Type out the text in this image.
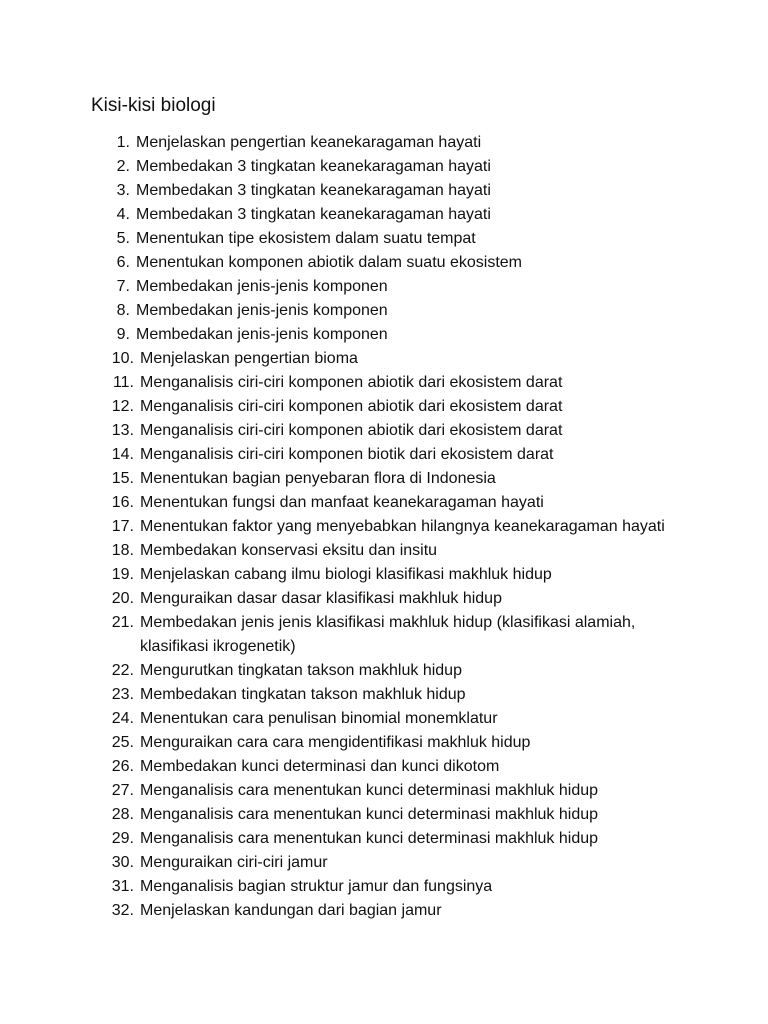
Kisi-kisi biologi
1. Menjelaskan pengertian keanekaragaman hayati
2. Membedakan 3 tingkatan keanekaragaman hayati
3. Membedakan 3 tingkatan keanekaragaman hayati
4. Membedakan 3 tingkatan keanekaragaman hayati
5. Menentukan tipe ekosistem dalam suatu tempat
6. Menentukan komponen abiotik dalam suatu ekosistem
7. Membedakan jenis-jenis komponen
8. Membedakan jenis-jenis komponen
9. Membedakan jenis-jenis komponen
10. Menjelaskan pengertian bioma
11. Menganalisis ciri-ciri komponen abiotik dari ekosistem darat
12. Menganalisis ciri-ciri komponen abiotik dari ekosistem darat
13. Menganalisis ciri-ciri komponen abiotik dari ekosistem darat
14. Menganalisis ciri-ciri komponen biotik dari ekosistem darat
15. Menentukan bagian penyebaran flora di Indonesia
16. Menentukan fungsi dan manfaat keanekaragaman hayati
17. Menentukan faktor yang menyebabkan hilangnya keanekaragaman hayati
18. Membedakan konservasi eksitu dan insitu
19. Menjelaskan cabang ilmu biologi klasifikasi makhluk hidup
20. Menguraikan dasar dasar klasifikasi makhluk hidup
21. Membedakan jenis jenis klasifikasi makhluk hidup (klasifikasi alamiah, klasifikasi ikrogenetik)
22. Mengurutkan tingkatan takson makhluk hidup
23. Membedakan tingkatan takson makhluk hidup
24. Menentukan cara penulisan binomial monemklatur
25. Menguraikan cara cara mengidentifikasi makhluk hidup
26. Membedakan kunci determinasi dan kunci dikotom
27. Menganalisis cara menentukan kunci determinasi makhluk hidup
28. Menganalisis cara menentukan kunci determinasi makhluk hidup
29. Menganalisis cara menentukan kunci determinasi makhluk hidup
30. Menguraikan ciri-ciri jamur
31. Menganalisis bagian struktur jamur dan fungsinya
32. Menjelaskan kandungan dari bagian jamur
